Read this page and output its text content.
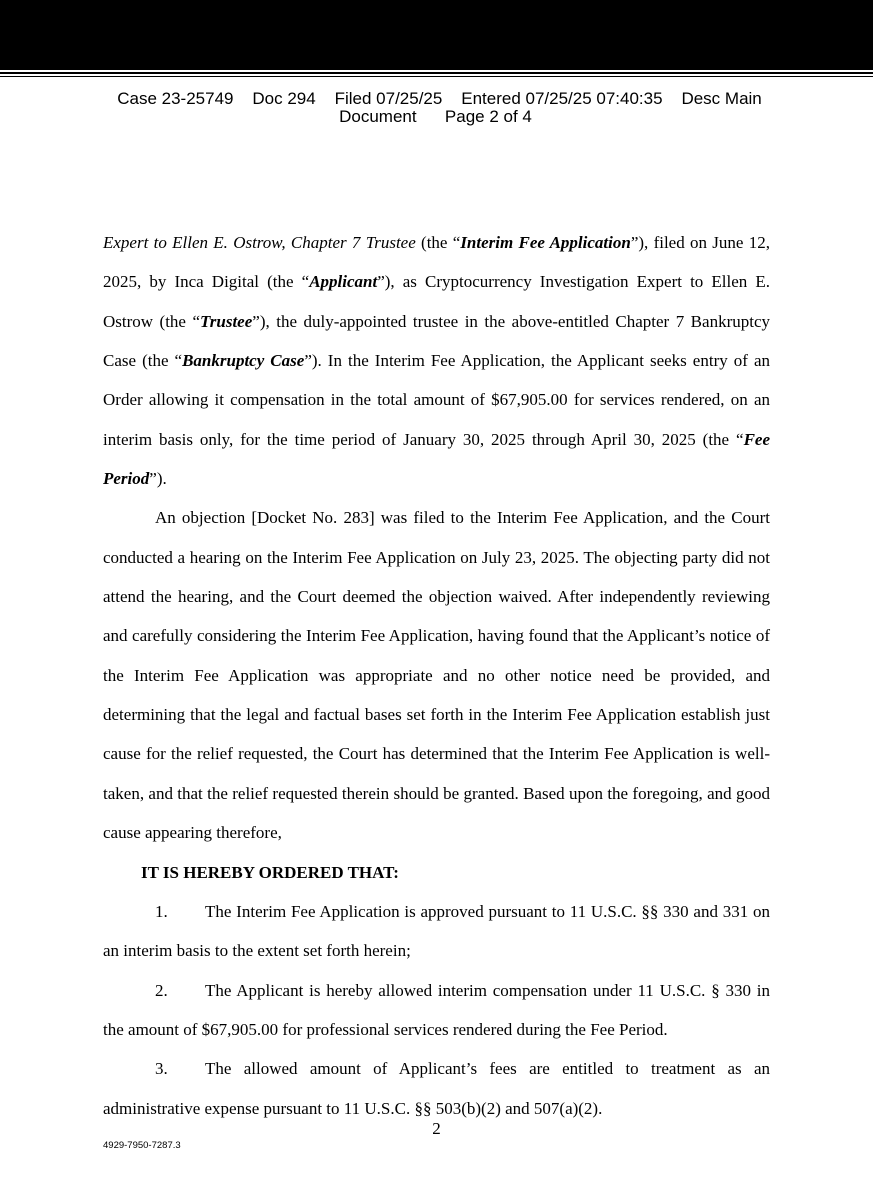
Case 23-25749    Doc 294    Filed 07/25/25    Entered 07/25/25 07:40:35    Desc Main
Document      Page 2 of 4

Expert to Ellen E. Ostrow, Chapter 7 Trustee (the “Interim Fee Application”), filed on June 12, 2025, by Inca Digital (the “Applicant”), as Cryptocurrency Investigation Expert to Ellen E. Ostrow (the “Trustee”), the duly-appointed trustee in the above-entitled Chapter 7 Bankruptcy Case (the “Bankruptcy Case”). In the Interim Fee Application, the Applicant seeks entry of an Order allowing it compensation in the total amount of $67,905.00 for services rendered, on an interim basis only, for the time period of January 30, 2025 through April 30, 2025 (the “Fee Period”).

An objection [Docket No. 283] was filed to the Interim Fee Application, and the Court conducted a hearing on the Interim Fee Application on July 23, 2025. The objecting party did not attend the hearing, and the Court deemed the objection waived. After independently reviewing and carefully considering the Interim Fee Application, having found that the Applicant’s notice of the Interim Fee Application was appropriate and no other notice need be provided, and determining that the legal and factual bases set forth in the Interim Fee Application establish just cause for the relief requested, the Court has determined that the Interim Fee Application is well-taken, and that the relief requested therein should be granted. Based upon the foregoing, and good cause appearing therefore,

IT IS HEREBY ORDERED THAT:

1. The Interim Fee Application is approved pursuant to 11 U.S.C. §§ 330 and 331 on an interim basis to the extent set forth herein;

2. The Applicant is hereby allowed interim compensation under 11 U.S.C. § 330 in the amount of $67,905.00 for professional services rendered during the Fee Period.

3. The allowed amount of Applicant’s fees are entitled to treatment as an administrative expense pursuant to 11 U.S.C. §§ 503(b)(2) and 507(a)(2).

2
4929-7950-7287.3
